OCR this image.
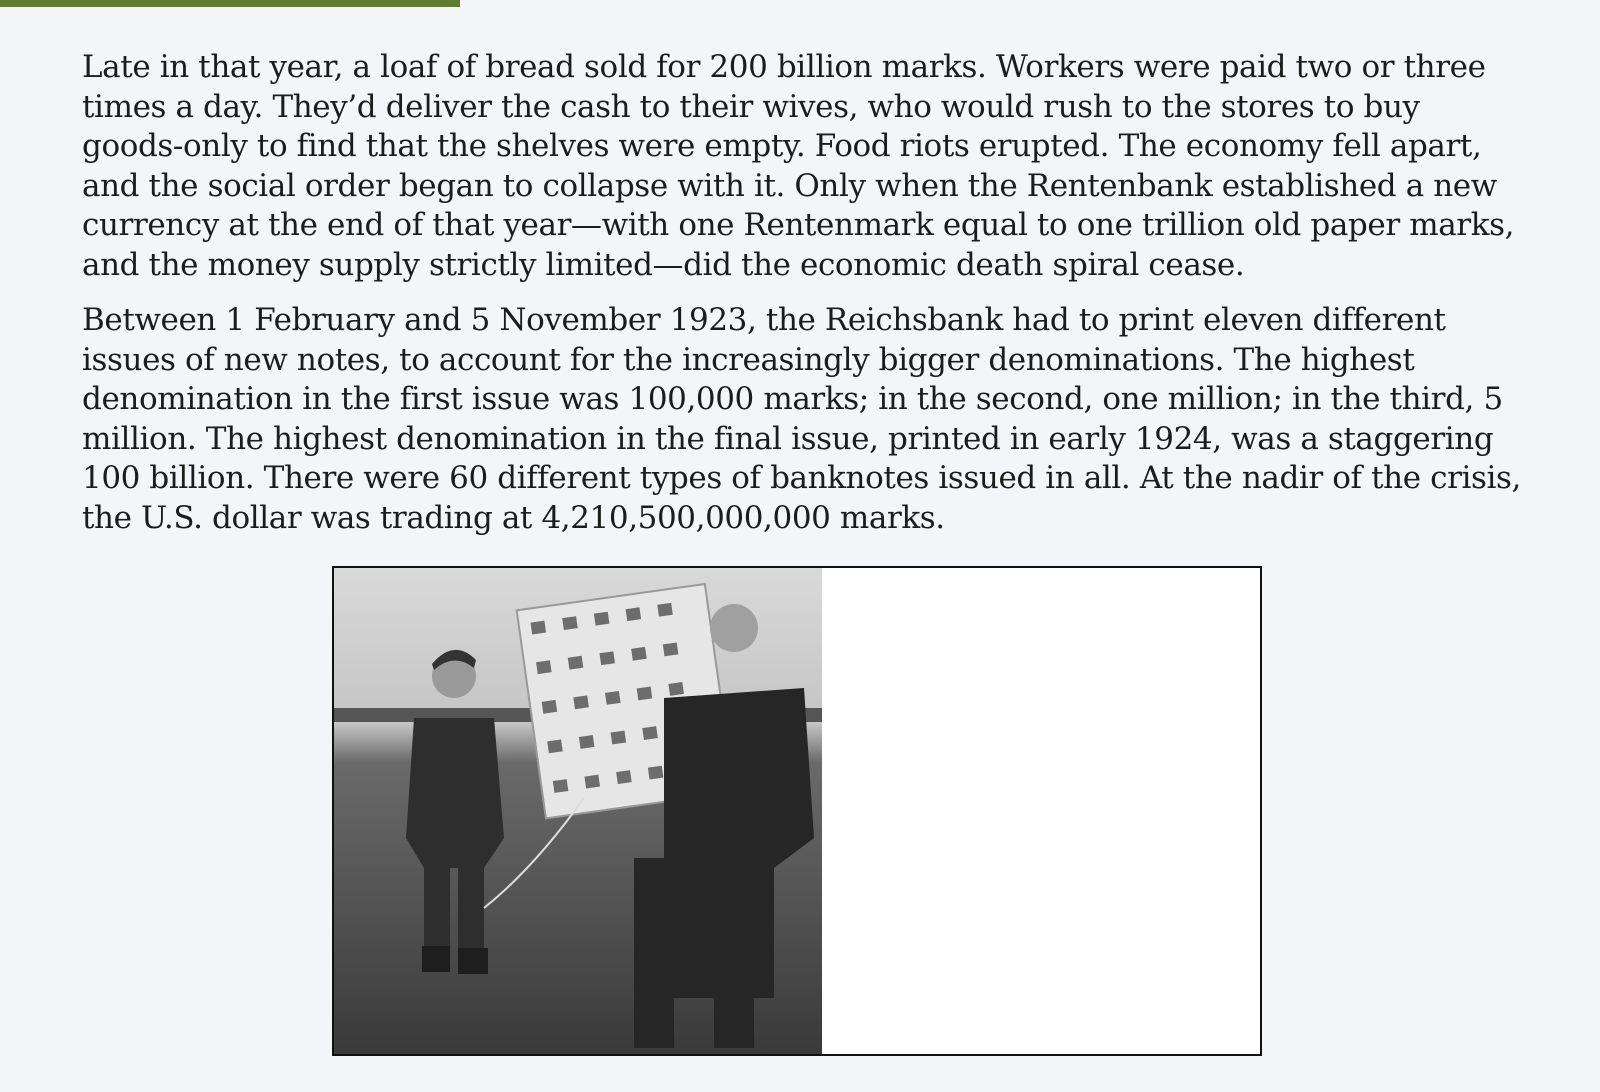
Late in that year, a loaf of bread sold for 200 billion marks. Workers were paid two or three times a day. They’d deliver the cash to their wives, who would rush to the stores to buy goods-only to find that the shelves were empty. Food riots erupted. The economy fell apart, and the social order began to collapse with it. Only when the Rentenbank established a new currency at the end of that year—with one Rentenmark equal to one trillion old paper marks, and the money supply strictly limited—did the economic death spiral cease.

Between 1 February and 5 November 1923, the Reichsbank had to print eleven different issues of new notes, to account for the increasingly bigger denominations. The highest denomination in the first issue was 100,000 marks; in the second, one million; in the third, 5 million. The highest denomination in the final issue, printed in early 1924, was a staggering 100 billion. There were 60 different types of banknotes issued in all. At the nadir of the crisis, the U.S. dollar was trading at 4,210,500,000,000 marks.
